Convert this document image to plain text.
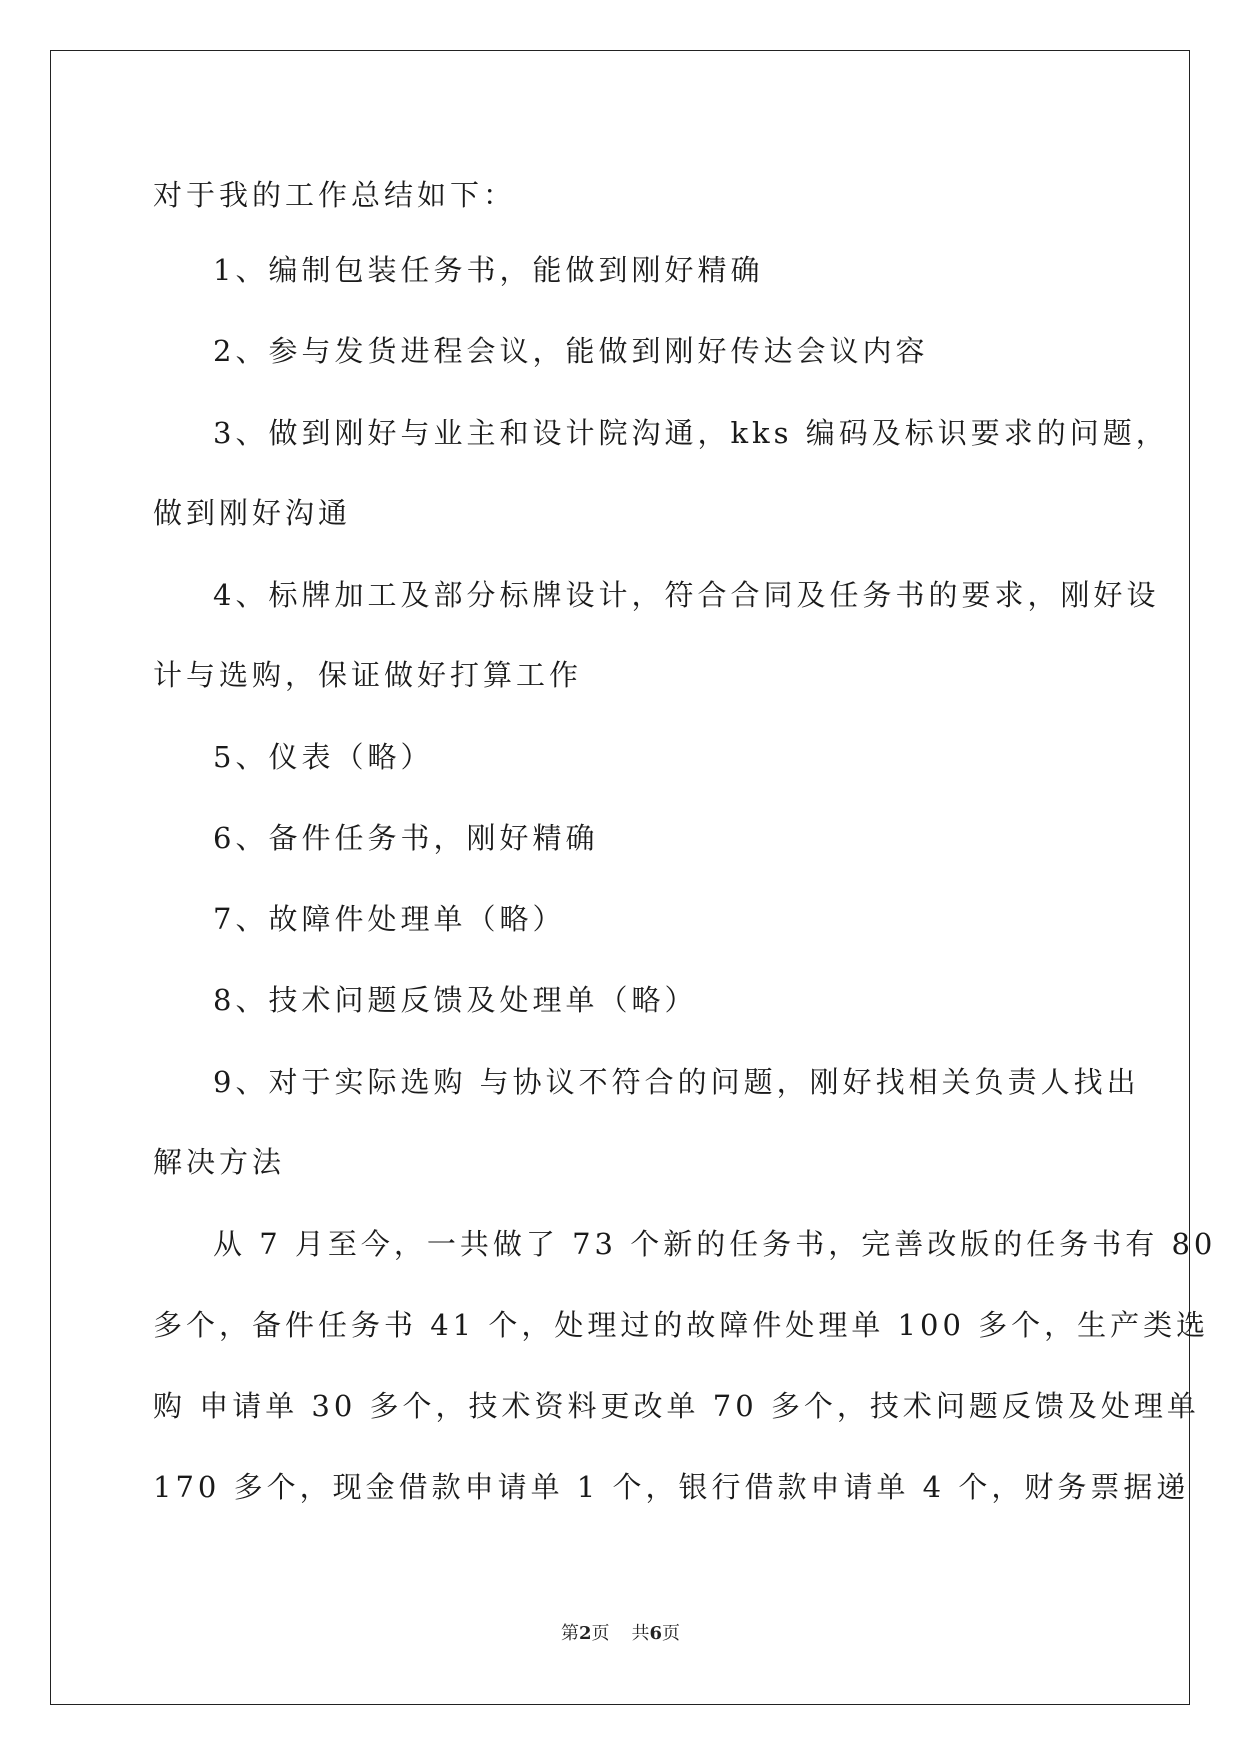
对于我的工作总结如下：
1、编制包装任务书，能做到刚好精确
2、参与发货进程会议，能做到刚好传达会议内容
3、做到刚好与业主和设计院沟通，kks 编码及标识要求的问题，
做到刚好沟通
4、标牌加工及部分标牌设计，符合合同及任务书的要求，刚好设
计与选购，保证做好打算工作
5、仪表（略）
6、备件任务书，刚好精确
7、故障件处理单（略）
8、技术问题反馈及处理单（略）
9、对于实际选购 与协议不符合的问题，刚好找相关负责人找出
解决方法
从 7 月至今，一共做了 73 个新的任务书，完善改版的任务书有 80
多个，备件任务书 41 个，处理过的故障件处理单 100 多个，生产类选
购 申请单 30 多个，技术资料更改单 70 多个，技术问题反馈及处理单
170 多个，现金借款申请单 1 个，银行借款申请单 4 个，财务票据递
第2页 共6页
